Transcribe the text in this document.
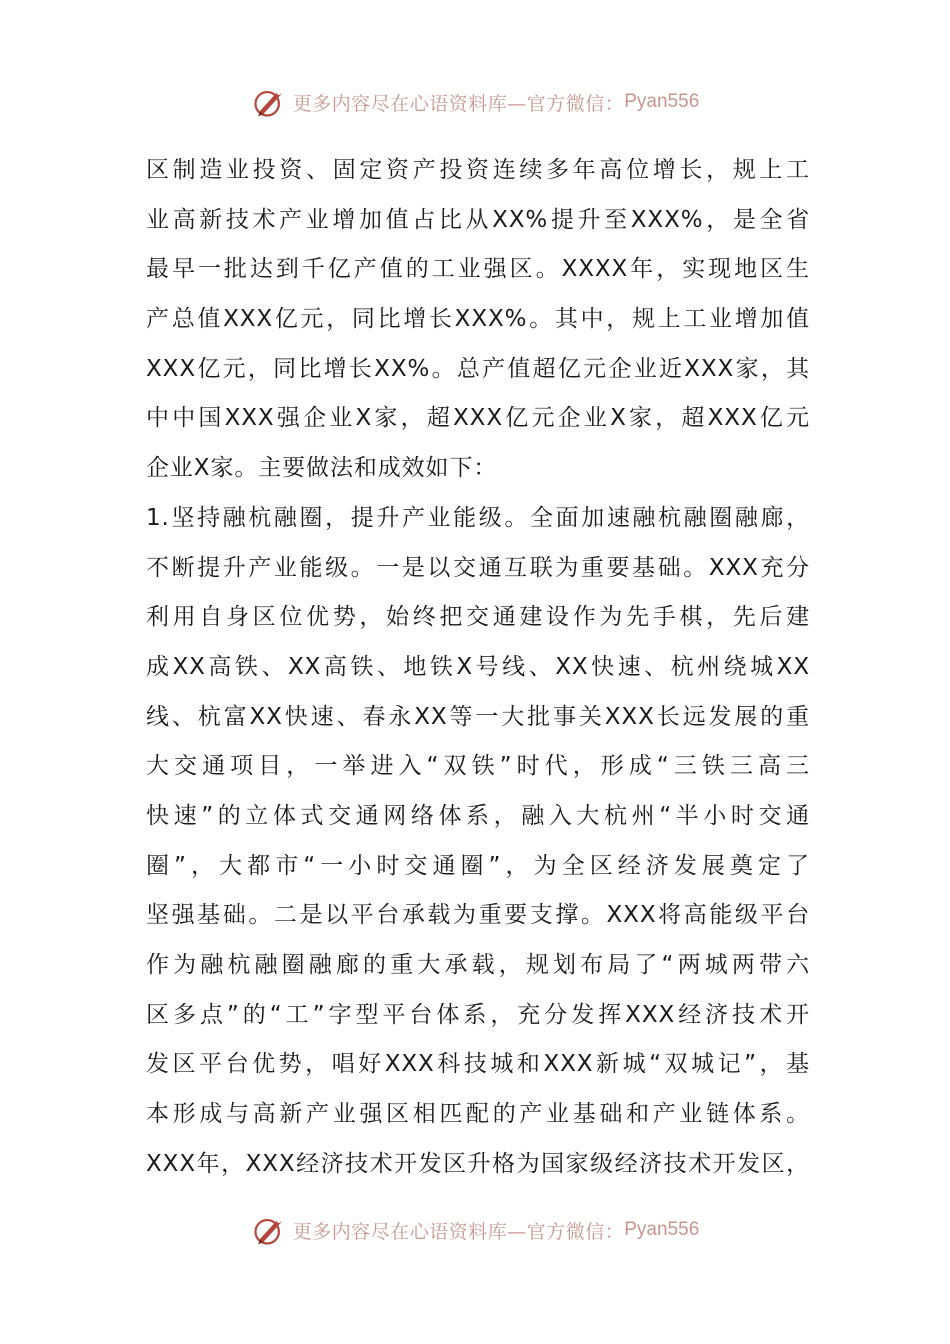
更多内容尽在心语资料库—官方微信： Pyan556
区制造业投资、固定资产投资连续多年高位增长，规上工
业高新技术产业增加值占比从XX%提升至XXX%，是全省
最早一批达到千亿产值的工业强区。XXXX年，实现地区生
产总值XXX亿元，同比增长XXX%。其中，规上工业增加值
XXX亿元，同比增长XX%。总产值超亿元企业近XXX家，其
中中国XXX强企业X家，超XXX亿元企业X家，超XXX亿元
企业X家。主要做法和成效如下：
1.坚持融杭融圈，提升产业能级。全面加速融杭融圈融廊，
不断提升产业能级。一是以交通互联为重要基础。XXX充分
利用自身区位优势，始终把交通建设作为先手棋，先后建
成XX高铁、XX高铁、地铁X号线、XX快速、杭州绕城XX
线、杭富XX快速、春永XX等一大批事关XXX长远发展的重
大交通项目，一举进入“双铁”时代，形成“三铁三高三
快速”的立体式交通网络体系，融入大杭州“半小时交通
圈”，大都市“一小时交通圈”，为全区经济发展奠定了
坚强基础。二是以平台承载为重要支撑。XXX将高能级平台
作为融杭融圈融廊的重大承载，规划布局了“两城两带六
区多点”的“工”字型平台体系，充分发挥XXX经济技术开
发区平台优势，唱好XXX科技城和XXX新城“双城记”，基
本形成与高新产业强区相匹配的产业基础和产业链体系。
XXX年，XXX经济技术开发区升格为国家级经济技术开发区，
更多内容尽在心语资料库—官方微信： Pyan556
